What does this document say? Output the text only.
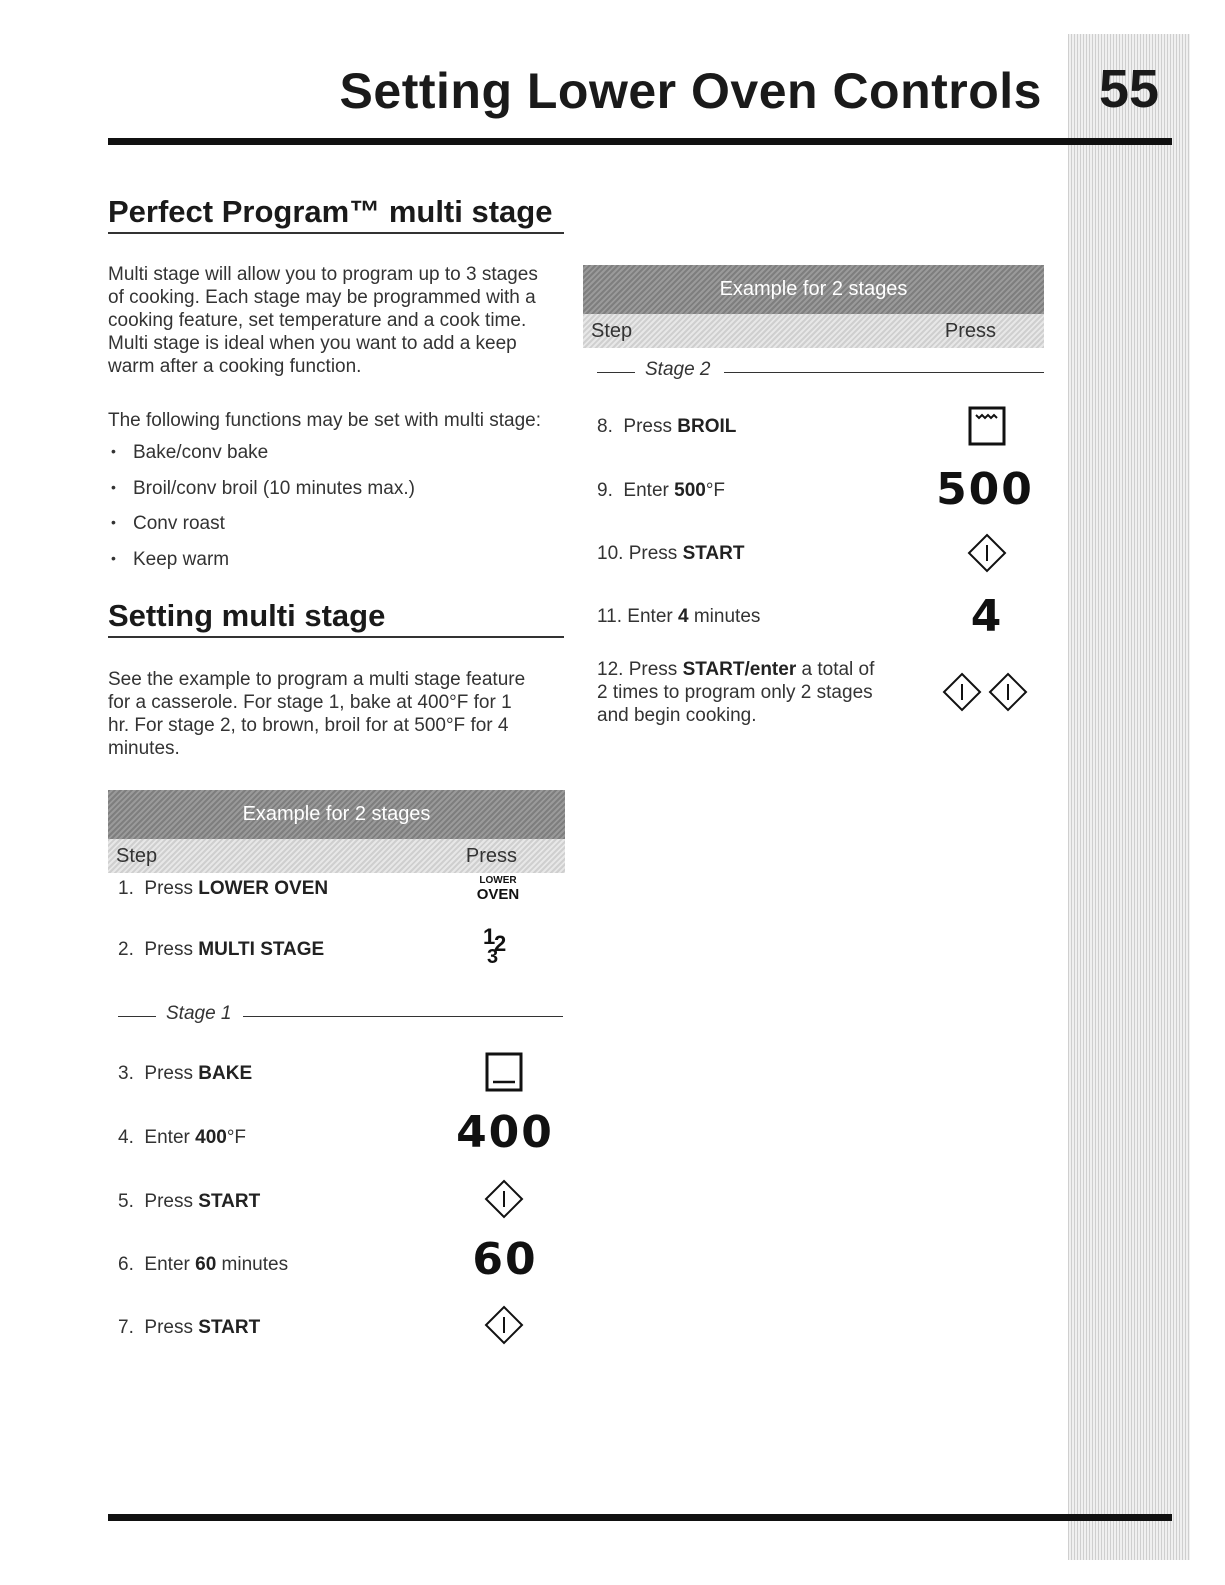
55
Setting Lower Oven Controls
Perfect Program™ multi stage
Multi stage will allow you to program up to 3 stages
of cooking. Each stage may be programmed with a
cooking feature, set temperature and a cook time.
Multi stage is ideal when you want to add a keep
warm after a cooking function.
The following functions may be set with multi stage:
• Bake/conv bake
• Broil/conv broil (10 minutes max.)
• Conv roast
• Keep warm
Setting multi stage
See the example to program a multi stage feature
for a casserole. For stage 1, bake at 400°F for 1
hr. For stage 2, to brown, broil for at 500°F for 4
minutes.
Example for 2 stages
Step	Press
1. Press LOWER OVEN	LOWER
OVEN
2. Press MULTI STAGE
1
2
3
Stage 1
3. Press BAKE
4. Enter 400°F	400
5. Press START
6. Enter 60 minutes	60
7. Press START
Example for 2 stages
Step	Press
Stage 2
8. Press BROIL
9. Enter 500°F	500
10. Press START
11. Enter 4 minutes	4
12. Press START/enter a total of
2 times to program only 2 stages
and begin cooking.
